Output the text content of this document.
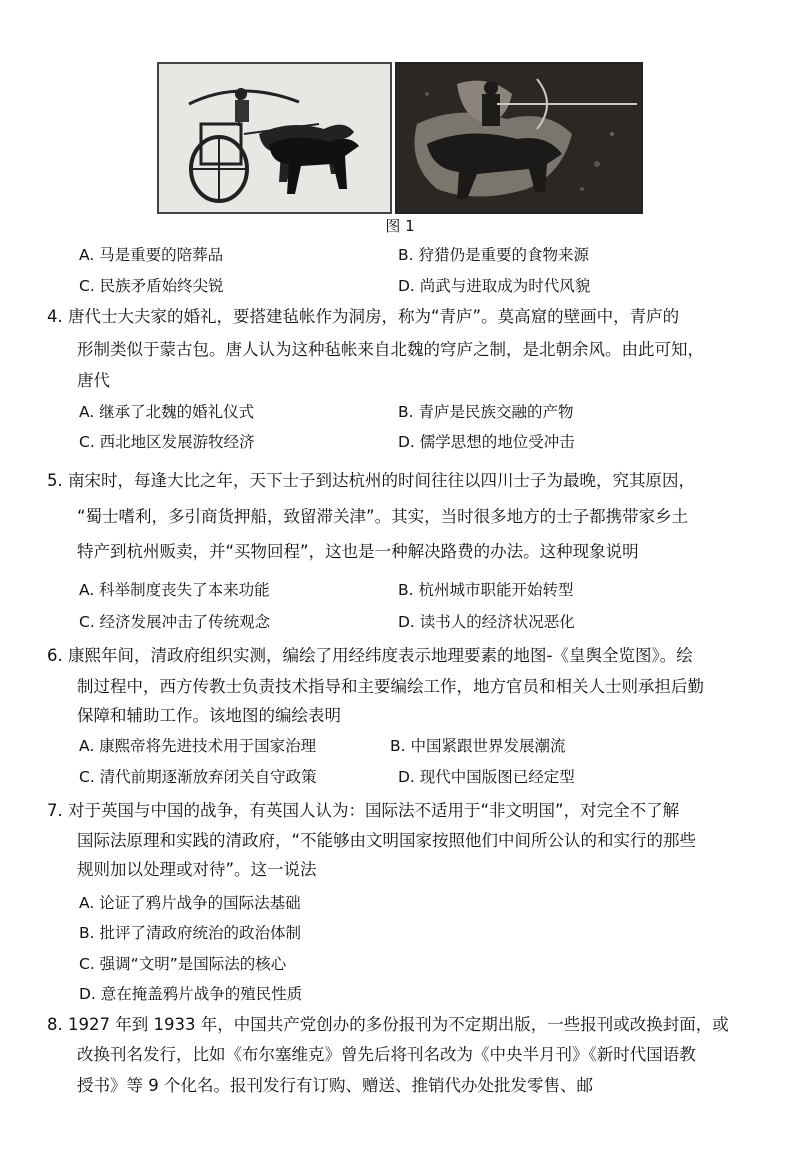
图 1
A. 马是重要的陪葬品	B. 狩猎仍是重要的食物来源
C. 民族矛盾始终尖锐	D. 尚武与进取成为时代风貌
4. 唐代士大夫家的婚礼，要搭建毡帐作为洞房，称为“青庐”。莫高窟的壁画中，青庐的
形制类似于蒙古包。唐人认为这种毡帐来自北魏的穹庐之制，是北朝余风。由此可知，
唐代
A. 继承了北魏的婚礼仪式	B. 青庐是民族交融的产物
C. 西北地区发展游牧经济	D. 儒学思想的地位受冲击
5. 南宋时，每逢大比之年，天下士子到达杭州的时间往往以四川士子为最晚，究其原因，
“蜀士嗜利，多引商货押船，致留滞关津”。其实，当时很多地方的士子都携带家乡土
特产到杭州贩卖，并“买物回程”，这也是一种解决路费的办法。这种现象说明
A. 科举制度丧失了本来功能	B. 杭州城市职能开始转型
C. 经济发展冲击了传统观念	D. 读书人的经济状况恶化
6. 康熙年间，清政府组织实测，编绘了用经纬度表示地理要素的地图-《皇舆全览图》。绘
制过程中，西方传教士负责技术指导和主要编绘工作，地方官员和相关人士则承担后勤
保障和辅助工作。该地图的编绘表明
A. 康熙帝将先进技术用于国家治理	B. 中国紧跟世界发展潮流
C. 清代前期逐渐放弃闭关自守政策	D. 现代中国版图已经定型
7. 对于英国与中国的战争，有英国人认为：国际法不适用于“非文明国”，对完全不了解
国际法原理和实践的清政府，“不能够由文明国家按照他们中间所公认的和实行的那些
规则加以处理或对待”。这一说法
A. 论证了鸦片战争的国际法基础
B. 批评了清政府统治的政治体制
C. 强调“文明”是国际法的核心
D. 意在掩盖鸦片战争的殖民性质
8. 1927 年到 1933 年，中国共产党创办的多份报刊为不定期出版，一些报刊或改换封面，或
改换刊名发行，比如《布尔塞维克》曾先后将刊名改为《中央半月刊》《新时代国语教
授书》等 9 个化名。报刊发行有订购、赠送、推销代办处批发零售、邮
